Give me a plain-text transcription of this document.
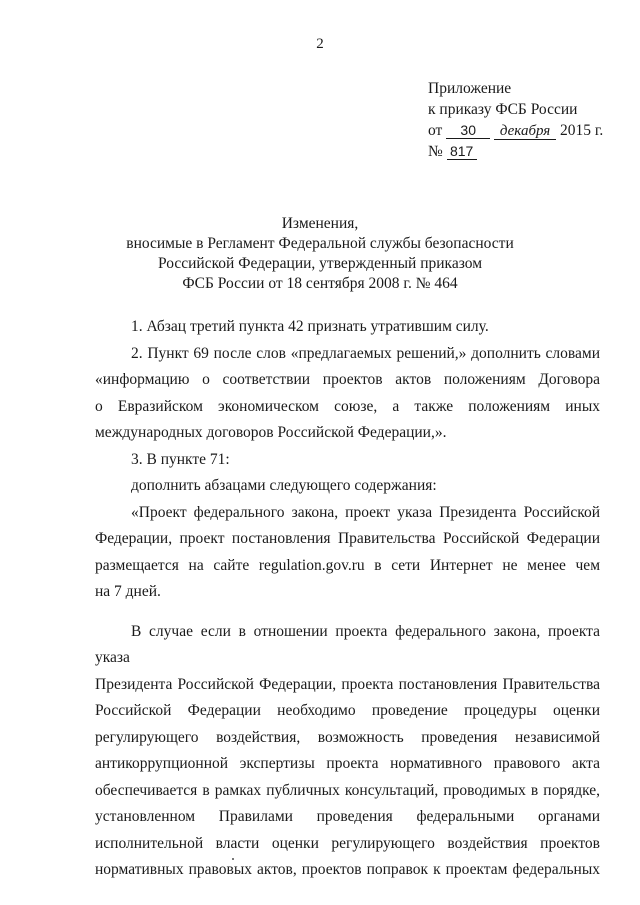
2
Приложение
к приказу ФСБ России
от 30 декабря 2015 г.
№ 817
Изменения,
вносимые в Регламент Федеральной службы безопасности
Российской Федерации, утвержденный приказом
ФСБ России от 18 сентября 2008 г. № 464

1. Абзац третий пункта 42 признать утратившим силу.

2. Пункт 69 после слов «предлагаемых решений,» дополнить словами
«информацию о соответствии проектов актов положениям Договора
о Евразийском экономическом союзе, а также положениям иных
международных договоров Российской Федерации,».

3. В пункте 71:

дополнить абзацами следующего содержания:

«Проект федерального закона, проект указа Президента Российской
Федерации, проект постановления Правительства Российской Федерации
размещается на сайте regulation.gov.ru в сети Интернет не менее чем
на 7 дней.

В случае если в отношении проекта федерального закона, проекта указа
Президента Российской Федерации, проекта постановления Правительства
Российской Федерации необходимо проведение процедуры оценки
регулирующего воздействия, возможность проведения независимой
антикоррупционной экспертизы проекта нормативного правового акта
обеспечивается в рамках публичных консультаций, проводимых в порядке,
установленном Правилами проведения федеральными органами
исполнительной власти оценки регулирующего воздействия проектов
нормативных правовых актов, проектов поправок к проектам федеральных
